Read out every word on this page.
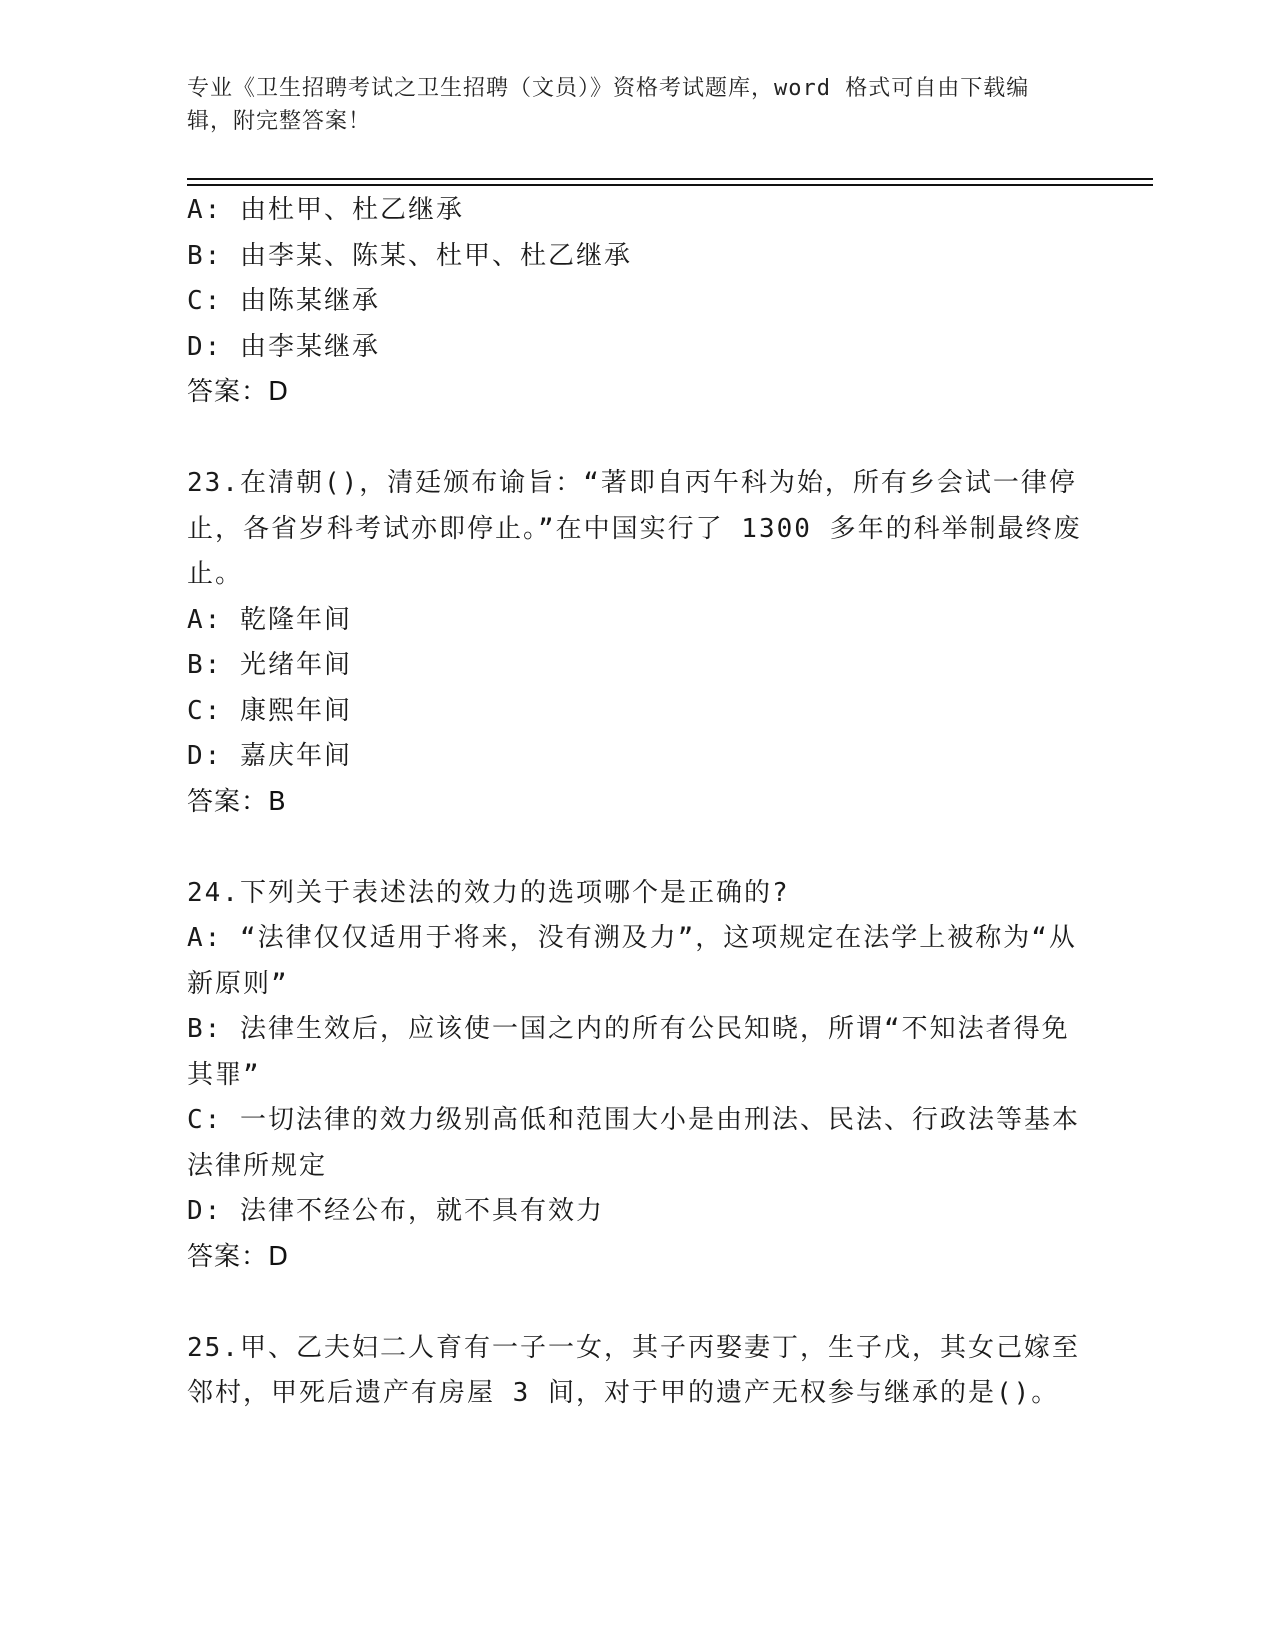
专业《卫生招聘考试之卫生招聘（文员）》资格考试题库，word 格式可自由下载编辑，附完整答案！
A: 由杜甲、杜乙继承
B: 由李某、陈某、杜甲、杜乙继承
C: 由陈某继承
D: 由李某继承
答案：D
23.在清朝()，清廷颁布谕旨：“著即自丙午科为始，所有乡会试一律停止，各省岁科考试亦即停止。”在中国实行了 1300 多年的科举制最终废止。
A: 乾隆年间
B: 光绪年间
C: 康熙年间
D: 嘉庆年间
答案：B
24.下列关于表述法的效力的选项哪个是正确的?
A: “法律仅仅适用于将来，没有溯及力”，这项规定在法学上被称为“从新原则”
B: 法律生效后，应该使一国之内的所有公民知晓，所谓“不知法者得免其罪”
C: 一切法律的效力级别高低和范围大小是由刑法、民法、行政法等基本法律所规定
D: 法律不经公布，就不具有效力
答案：D
25.甲、乙夫妇二人育有一子一女，其子丙娶妻丁，生子戊，其女己嫁至邻村，甲死后遗产有房屋 3 间，对于甲的遗产无权参与继承的是()。
